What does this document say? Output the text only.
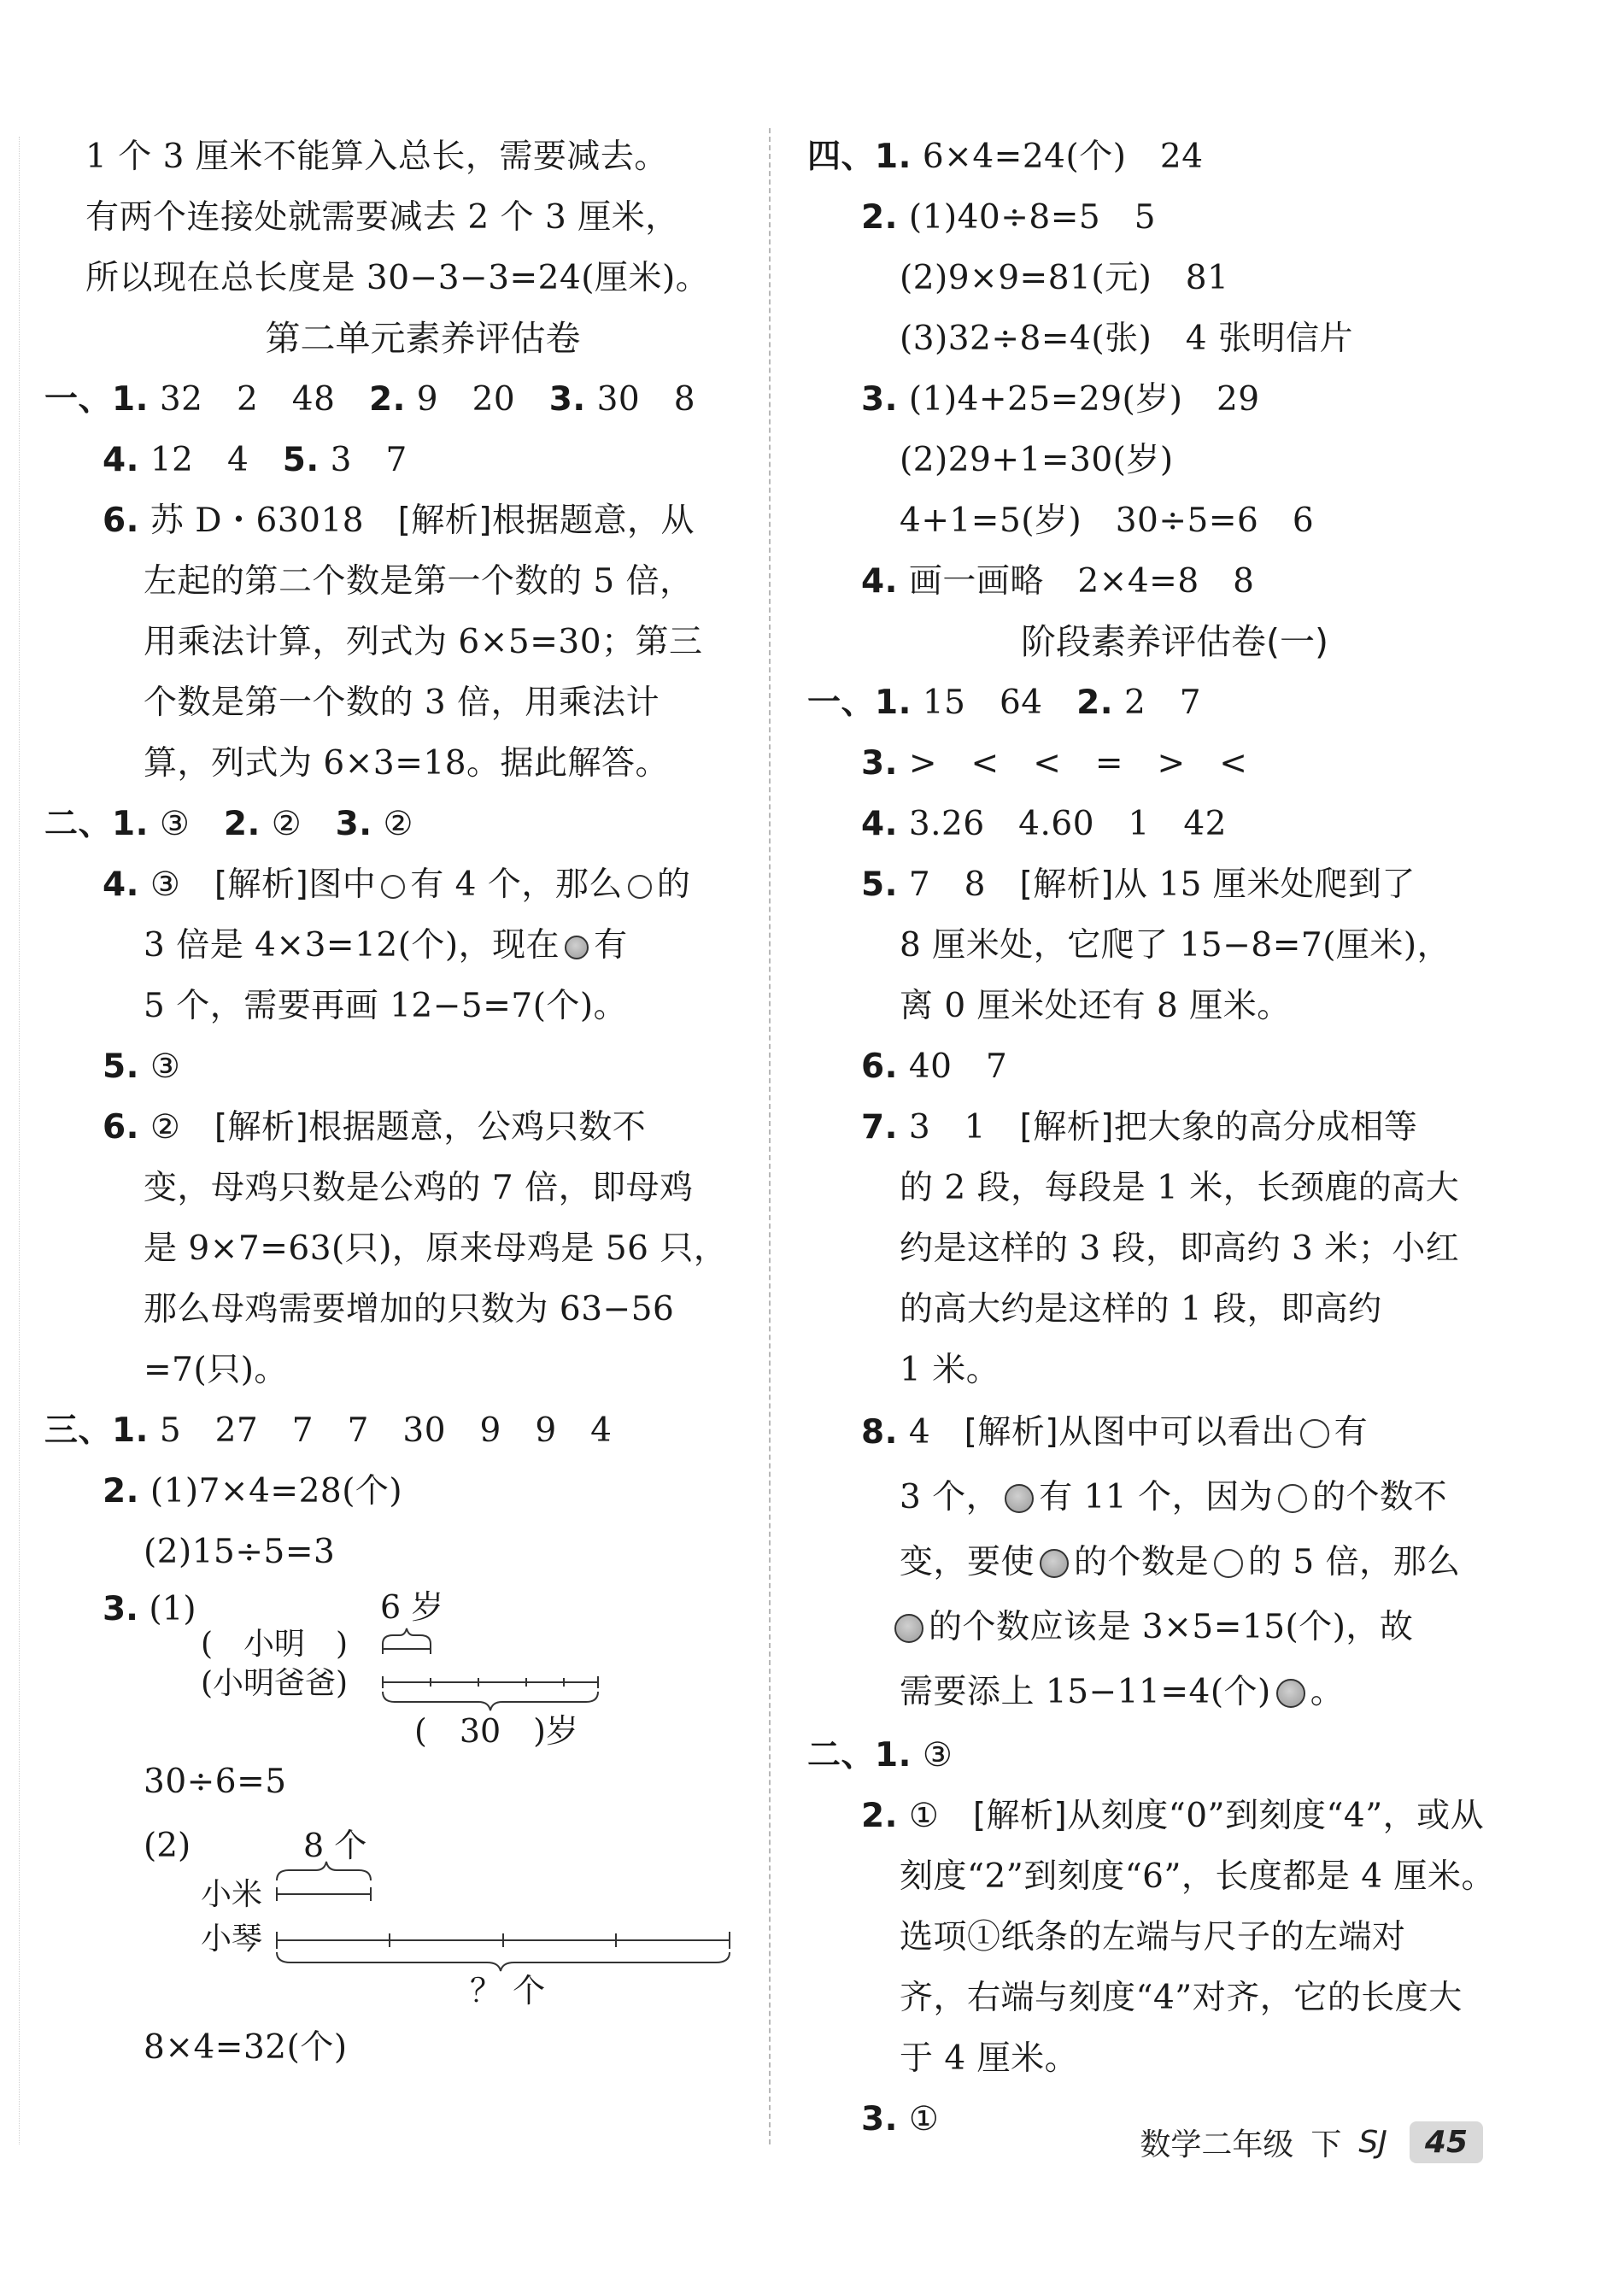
1 个 3 厘米不能算入总长，需要减去。
有两个连接处就需要减去 2 个 3 厘米，
所以现在总长度是 30−3−3=24(厘米)。
第二单元素养评估卷
一、1. 32　2　48　2. 9　20　3. 30　8
4. 12　4　5. 3　7
6. 苏 D・63018　[解析]根据题意，从
左起的第二个数是第一个数的 5 倍，
用乘法计算，列式为 6×5=30；第三
个数是第一个数的 3 倍，用乘法计
算，列式为 6×3=18。据此解答。
二、1. ③　2. ②　3. ②
4. ③　[解析]图中 有 4 个，那么 的
3 倍是 4×3=12(个)，现在 有
5 个，需要再画 12−5=7(个)。
5. ③
6. ②　[解析]根据题意，公鸡只数不
变，母鸡只数是公鸡的 7 倍，即母鸡
是 9×7=63(只)，原来母鸡是 56 只，
那么母鸡需要增加的只数为 63−56
=7(只)。
三、1. 5　27　7　7　30　9　9　4
2. (1)7×4=28(个)
(2)15÷5=3
3. (1)	6 岁
(　小明　)
(小明爸爸)
(　30　)岁
30÷6=5
(2)	8 个
小米
小琴
？ 个
8×4=32(个)
四、1. 6×4=24(个)　24
2. (1)40÷8=5　5
(2)9×9=81(元)　81
(3)32÷8=4(张)　4 张明信片
3. (1)4+25=29(岁)　29
(2)29+1=30(岁)
4+1=5(岁)　30÷5=6　6
4. 画一画略　2×4=8　8
阶段素养评估卷(一)
一、1. 15　64　2. 2　7
3. >　<　<　=　>　<
4. 3.26　4.60　1　42
5. 7　8　[解析]从 15 厘米处爬到了
8 厘米处，它爬了 15−8=7(厘米)，
离 0 厘米处还有 8 厘米。
6. 40　7
7. 3　1　[解析]把大象的高分成相等
的 2 段，每段是 1 米，长颈鹿的高大
约是这样的 3 段，即高约 3 米；小红
的高大约是这样的 1 段，即高约
1 米。
8. 4　[解析]从图中可以看出 有
3 个， 有 11 个，因为 的个数不
变，要使 的个数是 的 5 倍，那么
的个数应该是 3×5=15(个)，故
需要添上 15−11=4(个) 。
二、1. ③
2. ①　[解析]从刻度“0”到刻度“4”，或从
刻度“2”到刻度“6”，长度都是 4 厘米。
选项①纸条的左端与尺子的左端对
齐，右端与刻度“4”对齐，它的长度大
于 4 厘米。
3. ①
数学二年级 下 SJ	45
